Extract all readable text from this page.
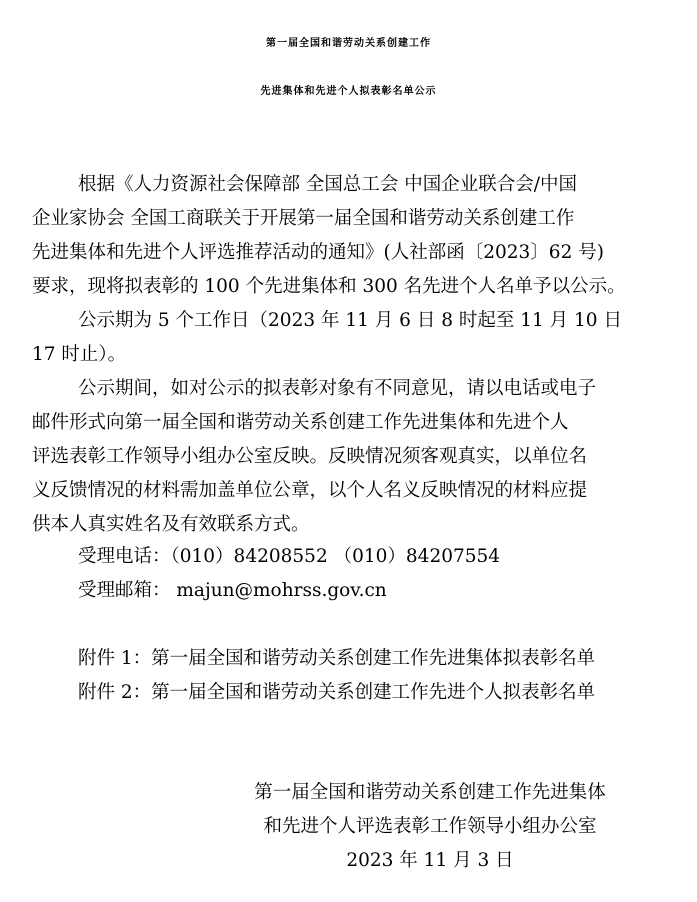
第一届全国和谐劳动关系创建工作
先进集体和先进个人拟表彰名单公示
根据《人力资源社会保障部 全国总工会 中国企业联合会/中国
企业家协会 全国工商联关于开展第一届全国和谐劳动关系创建工作
先进集体和先进个人评选推荐活动的通知》(人社部函〔2023〕62 号)
要求，现将拟表彰的 100 个先进集体和 300 名先进个人名单予以公示。
公示期为 5 个工作日（2023 年 11 月 6 日 8 时起至 11 月 10 日
17 时止）。
公示期间，如对公示的拟表彰对象有不同意见，请以电话或电子
邮件形式向第一届全国和谐劳动关系创建工作先进集体和先进个人
评选表彰工作领导小组办公室反映。反映情况须客观真实，以单位名
义反馈情况的材料需加盖单位公章，以个人名义反映情况的材料应提
供本人真实姓名及有效联系方式。
受理电话：（010）84208552 （010）84207554
受理邮箱： majun@mohrss.gov.cn
附件 1：第一届全国和谐劳动关系创建工作先进集体拟表彰名单
附件 2：第一届全国和谐劳动关系创建工作先进个人拟表彰名单
第一届全国和谐劳动关系创建工作先进集体
和先进个人评选表彰工作领导小组办公室
2023 年 11 月 3 日
